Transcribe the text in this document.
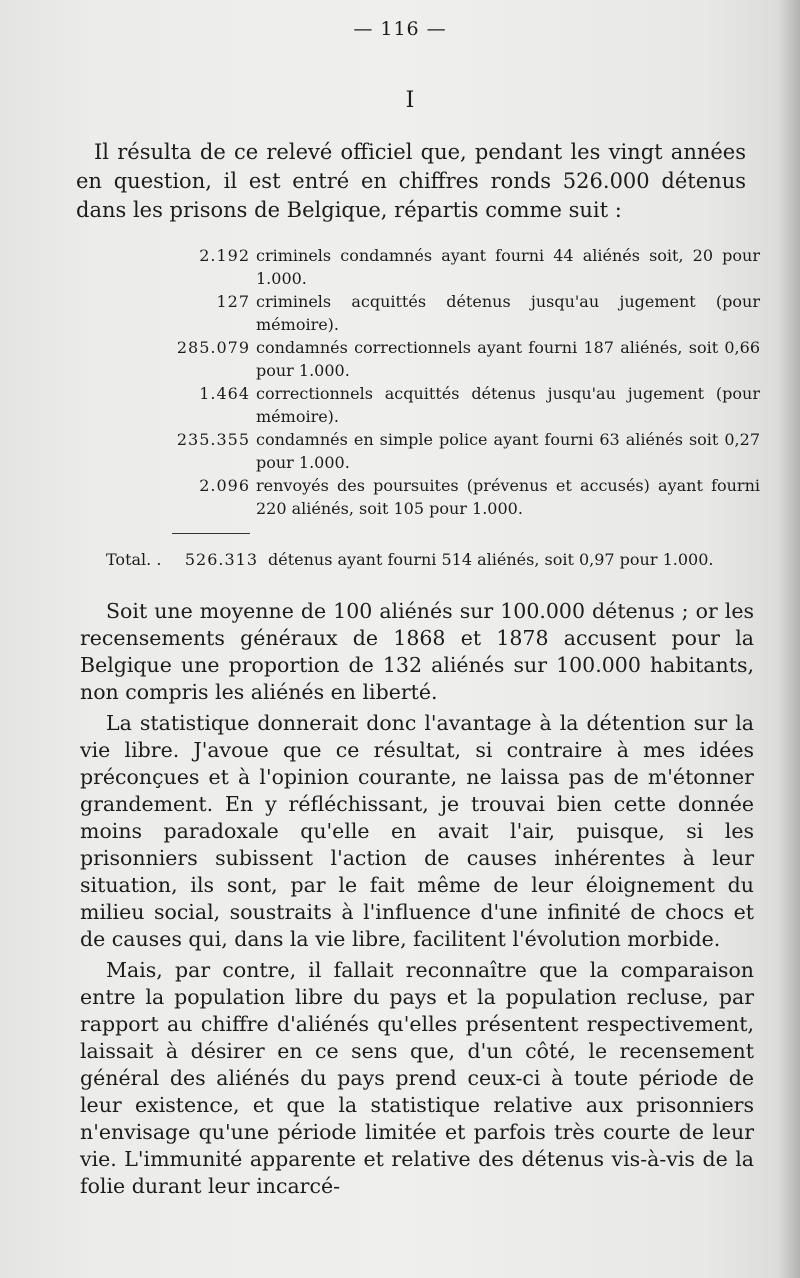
— 116 —
I
Il résulta de ce relevé officiel que, pendant les vingt années en question, il est entré en chiffres ronds 526.000 détenus dans les prisons de Belgique, répartis comme suit :
2.192 criminels condamnés ayant fourni 44 aliénés soit, 20 pour 1.000.
127 criminels acquittés détenus jusqu'au jugement (pour mémoire).
285.079 condamnés correctionnels ayant fourni 187 aliénés, soit 0,66 pour 1.000.
1.464 correctionnels acquittés détenus jusqu'au jugement (pour mémoire).
235.355 condamnés en simple police ayant fourni 63 aliénés soit 0,27 pour 1.000.
2.096 renvoyés des poursuites (prévenus et accusés) ayant fourni 220 aliénés, soit 105 pour 1.000.
Total. . 526.313 détenus ayant fourni 514 aliénés, soit 0,97 pour 1.000.

Soit une moyenne de 100 aliénés sur 100.000 détenus ; or les recensements généraux de 1868 et 1878 accusent pour la Belgique une proportion de 132 aliénés sur 100.000 habitants, non compris les aliénés en liberté.

La statistique donnerait donc l'avantage à la détention sur la vie libre. J'avoue que ce résultat, si contraire à mes idées préconçues et à l'opinion courante, ne laissa pas de m'étonner grandement. En y réfléchissant, je trouvai bien cette donnée moins paradoxale qu'elle en avait l'air, puisque, si les prisonniers subissent l'action de causes inhérentes à leur situation, ils sont, par le fait même de leur éloignement du milieu social, soustraits à l'influence d'une infinité de chocs et de causes qui, dans la vie libre, facilitent l'évolution morbide.

Mais, par contre, il fallait reconnaître que la comparaison entre la population libre du pays et la population recluse, par rapport au chiffre d'aliénés qu'elles présentent respectivement, laissait à désirer en ce sens que, d'un côté, le recensement général des aliénés du pays prend ceux-ci à toute période de leur existence, et que la statistique relative aux prisonniers n'envisage qu'une période limitée et parfois très courte de leur vie. L'immunité apparente et relative des détenus vis-à-vis de la folie durant leur incarcé-
